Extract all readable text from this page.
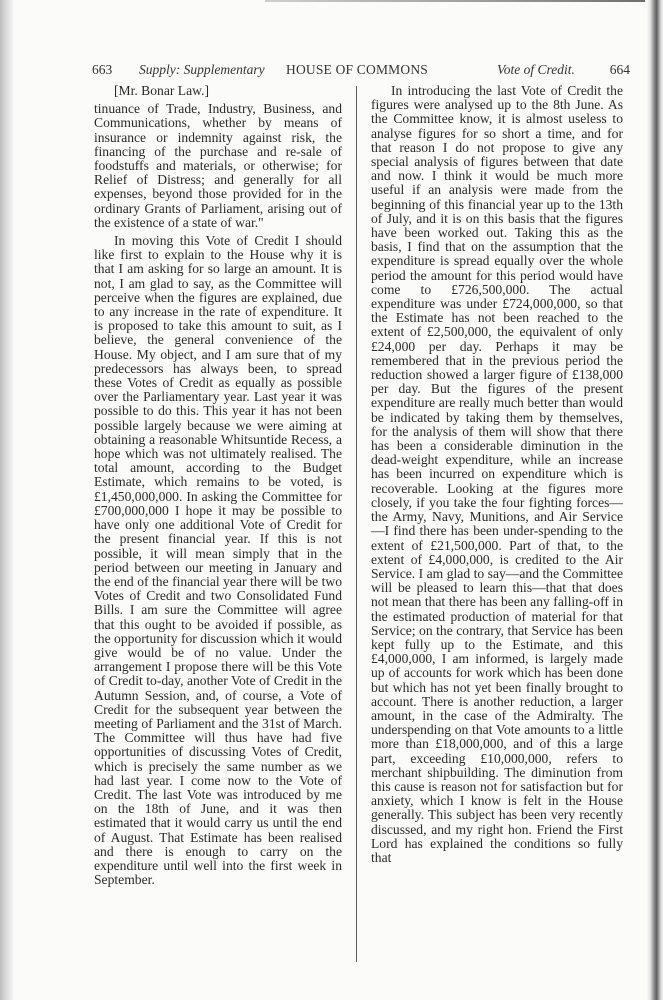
663 Supply: Supplementary HOUSE OF COMMONS	Vote of Credit.	664

[Mr. Bonar Law.]

tinuance of Trade, Industry, Business, and Communications, whether by means of insurance or indemnity against risk, the financing of the purchase and re-sale of foodstuffs and materials, or otherwise; for Relief of Distress; and generally for all expenses, beyond those provided for in the ordinary Grants of Parliament, arising out of the existence of a state of war."

In moving this Vote of Credit I should like first to explain to the House why it is that I am asking for so large an amount. It is not, I am glad to say, as the Committee will perceive when the figures are explained, due to any increase in the rate of expenditure. It is proposed to take this amount to suit, as I believe, the general convenience of the House. My object, and I am sure that of my predecessors has always been, to spread these Votes of Credit as equally as possible over the Parliamentary year. Last year it was possible to do this. This year it has not been possible largely because we were aiming at obtaining a reasonable Whitsuntide Recess, a hope which was not ultimately realised. The total amount, according to the Budget Estimate, which remains to be voted, is £1,450,000,000. In asking the Committee for £700,000,000 I hope it may be possible to have only one additional Vote of Credit for the present financial year. If this is not possible, it will mean simply that in the period between our meeting in January and the end of the financial year there will be two Votes of Credit and two Consolidated Fund Bills. I am sure the Committee will agree that this ought to be avoided if possible, as the opportunity for discussion which it would give would be of no value. Under the arrangement I propose there will be this Vote of Credit to-day, another Vote of Credit in the Autumn Session, and, of course, a Vote of Credit for the subsequent year between the meeting of Parliament and the 31st of March. The Committee will thus have had five opportunities of discussing Votes of Credit, which is precisely the same number as we had last year. I come now to the Vote of Credit. The last Vote was introduced by me on the 18th of June, and it was then estimated that it would carry us until the end of August. That Estimate has been realised and there is enough to carry on the expenditure until well into the first week in September.

In introducing the last Vote of Credit the figures were analysed up to the 8th June. As the Committee know, it is almost useless to analyse figures for so short a time, and for that reason I do not propose to give any special analysis of figures between that date and now. I think it would be much more useful if an analysis were made from the beginning of this financial year up to the 13th of July, and it is on this basis that the figures have been worked out. Taking this as the basis, I find that on the assumption that the expenditure is spread equally over the whole period the amount for this period would have come to £726,500,000. The actual expenditure was under £724,000,000, so that the Estimate has not been reached to the extent of £2,500,000, the equivalent of only £24,000 per day. Perhaps it may be remembered that in the previous period the reduction showed a larger figure of £138,000 per day. But the figures of the present expenditure are really much better than would be indicated by taking them by themselves, for the analysis of them will show that there has been a considerable diminution in the dead-weight expenditure, while an increase has been incurred on expenditure which is recoverable. Looking at the figures more closely, if you take the four fighting forces—the Army, Navy, Munitions, and Air Service—I find there has been under-spending to the extent of £21,500,000. Part of that, to the extent of £4,000,000, is credited to the Air Service. I am glad to say—and the Committee will be pleased to learn this—that that does not mean that there has been any falling-off in the estimated production of material for that Service; on the contrary, that Service has been kept fully up to the Estimate, and this £4,000,000, I am informed, is largely made up of accounts for work which has been done but which has not yet been finally brought to account. There is another reduction, a larger amount, in the case of the Admiralty. The underspending on that Vote amounts to a little more than £18,000,000, and of this a large part, exceeding £10,000,000, refers to merchant shipbuilding. The diminution from this cause is reason not for satisfaction but for anxiety, which I know is felt in the House generally. This subject has been very recently discussed, and my right hon. Friend the First Lord has explained the conditions so fully that
